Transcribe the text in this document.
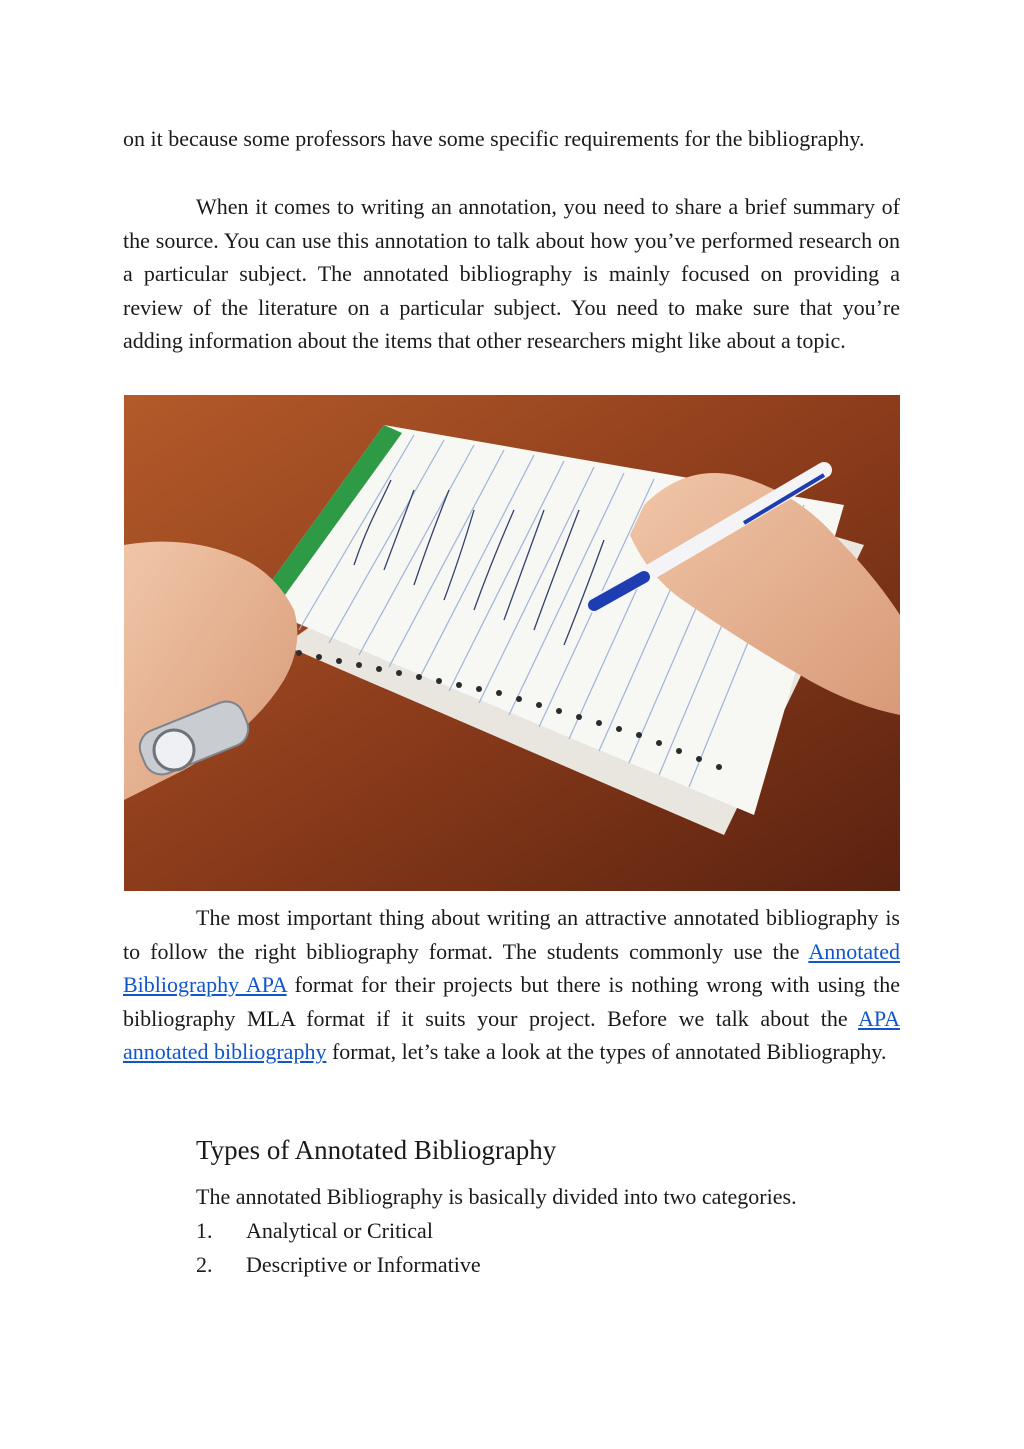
on it because some professors have some specific requirements for the bibliography.

When it comes to writing an annotation, you need to share a brief summary of the source. You can use this annotation to talk about how you’ve performed research on a particular subject. The annotated bibliography is mainly focused on providing a review of the literature on a particular subject. You need to make sure that you’re adding information about the items that other researchers might like about a topic.

The most important thing about writing an attractive annotated bibliography is to follow the right bibliography format. The students commonly use the Annotated Bibliography APA format for their projects but there is nothing wrong with using the bibliography MLA format if it suits your project. Before we talk about the APA annotated bibliography format, let’s take a look at the types of annotated Bibliography.

Types of Annotated Bibliography

The annotated Bibliography is basically divided into two categories.

1.	Analytical or Critical
2.	Descriptive or Informative
